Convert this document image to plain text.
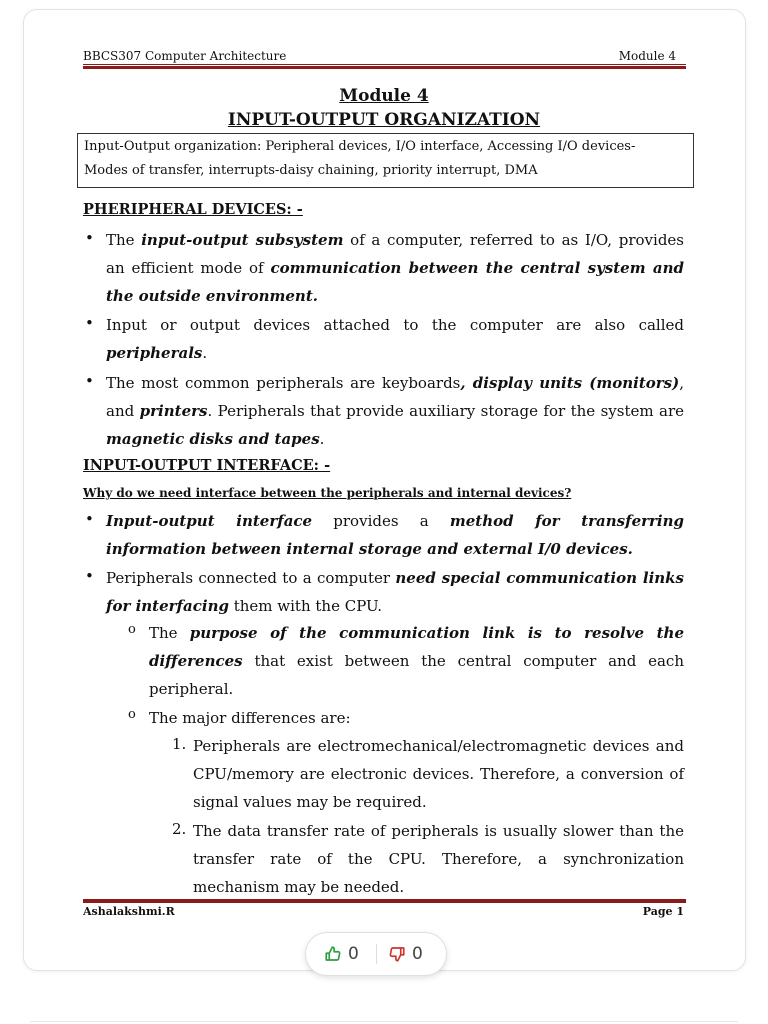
BBCS307 Computer Architecture	Module 4
Module 4
INPUT-OUTPUT ORGANIZATION
Input-Output organization: Peripheral devices, I/O interface, Accessing I/O devices-
Modes of transfer, interrupts-daisy chaining, priority interrupt, DMA
PHERIPHERAL DEVICES: -
• The input-output subsystem of a computer, referred to as I/O, provides an efficient mode of communication between the central system and the outside environment.
• Input or output devices attached to the computer are also called peripherals.
• The most common peripherals are keyboards, display units (monitors), and printers. Peripherals that provide auxiliary storage for the system are magnetic disks and tapes.
INPUT-OUTPUT INTERFACE: -
Why do we need interface between the peripherals and internal devices?
• Input-output interface provides a method for transferring information between internal storage and external I/0 devices.
• Peripherals connected to a computer need special communication links for interfacing them with the CPU.
o The purpose of the communication link is to resolve the differences that exist between the central computer and each peripheral.
o The major differences are:
1. Peripherals are electromechanical/electromagnetic devices and CPU/memory are electronic devices. Therefore, a conversion of signal values may be required.
2. The data transfer rate of peripherals is usually slower than the transfer rate of the CPU. Therefore, a synchronization mechanism may be needed.
Ashalakshmi.R	Page 1
0	0
